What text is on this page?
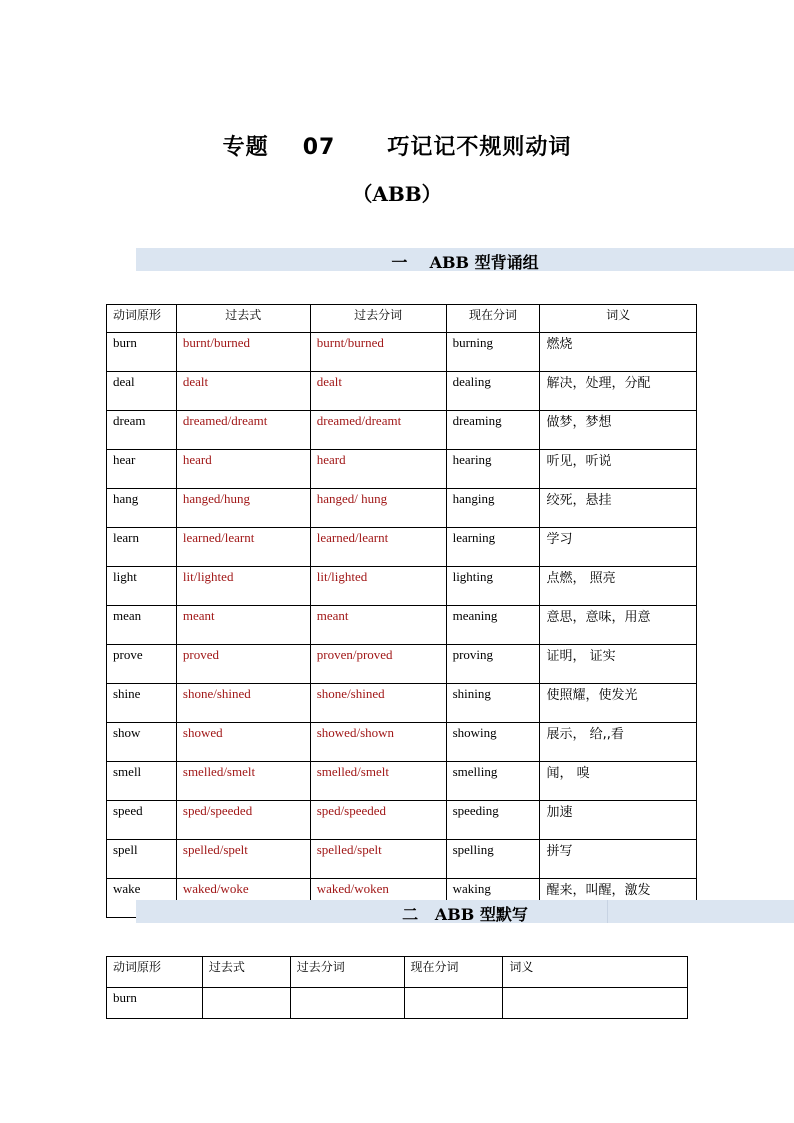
专题 07 巧记记不规则动词
（ABB）
一    ABB 型背诵组
动词原形	过去式	过去分词	现在分词	词义
burn	burnt/burned	burnt/burned	burning	燃烧
deal	dealt	dealt	dealing	解决，处理，分配
dream	dreamed/dreamt	dreamed/dreamt	dreaming	做梦，梦想
hear	heard	heard	hearing	听见，听说
hang	hanged/hung	hanged/ hung	hanging	绞死，悬挂
learn	learned/learnt	learned/learnt	learning	学习
light	lit/lighted	lit/lighted	lighting	点燃， 照亮
mean	meant	meant	meaning	意思，意味，用意
prove	proved	proven/proved	proving	证明， 证实
shine	shone/shined	shone/shined	shining	使照耀，使发光
show	showed	showed/shown	showing	展示， 给,,看
smell	smelled/smelt	smelled/smelt	smelling	闻， 嗅
speed	sped/speeded	sped/speeded	speeding	加速
spell	spelled/spelt	spelled/spelt	spelling	拼写
wake	waked/woke	waked/woken	waking	醒来，叫醒，激发
二   ABB 型默写
动词原形	过去式	过去分词	现在分词	词义
burn				
